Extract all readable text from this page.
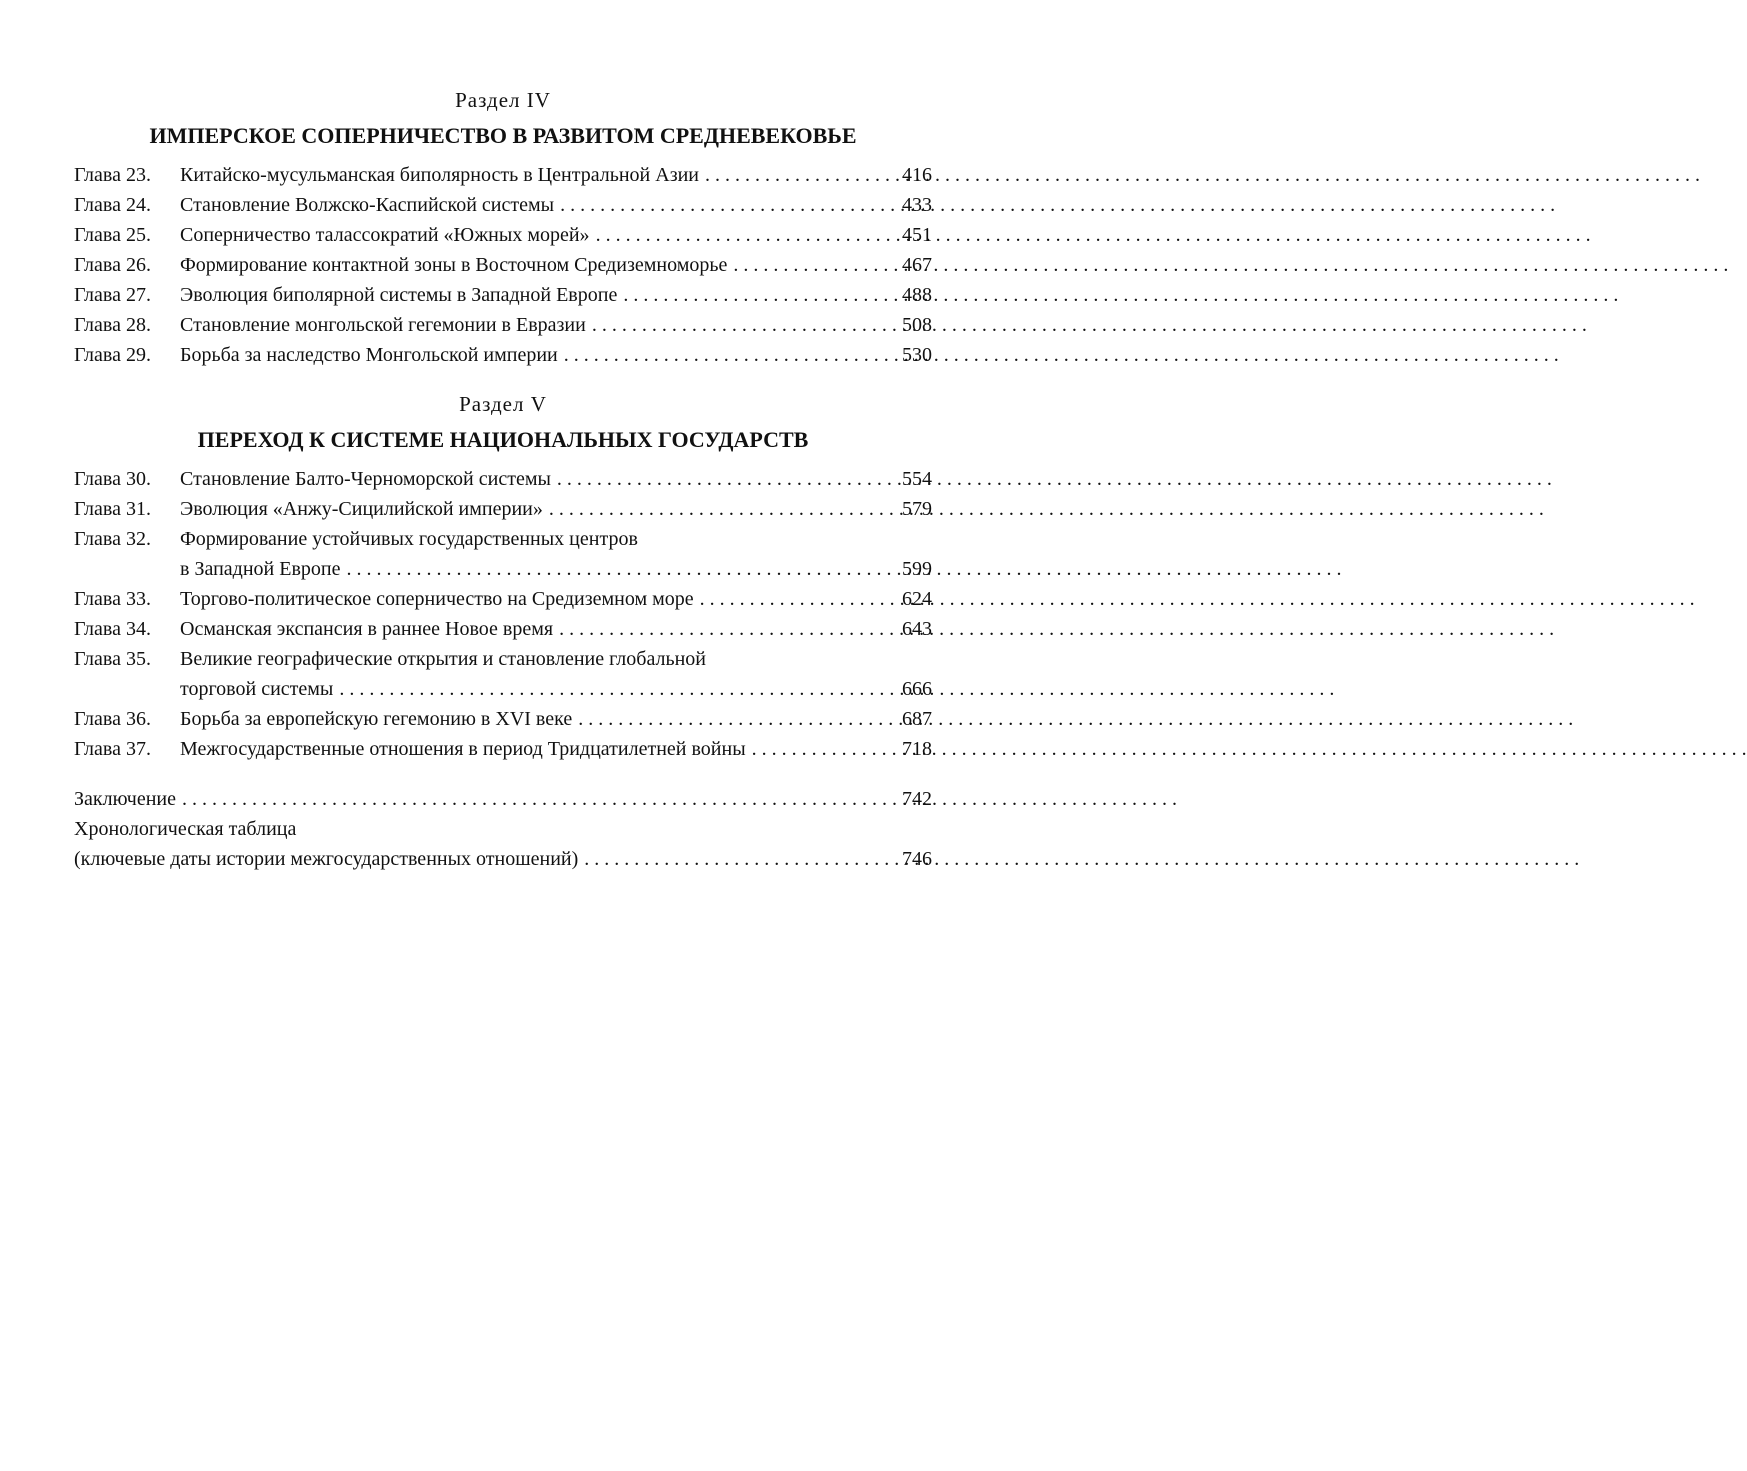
Раздел IV
ИМПЕРСКОЕ СОПЕРНИЧЕСТВО В РАЗВИТОМ СРЕДНЕВЕКОВЬЕ
Глава 23.	Китайско-мусульманская биполярность в Центральной Азии . . .	416
Глава 24.	Становление Волжско-Каспийской системы . . .	433
Глава 25.	Соперничество талассократий «Южных морей» . . .	451
Глава 26.	Формирование контактной зоны в Восточном Средиземноморье . . .	467
Глава 27.	Эволюция биполярной системы в Западной Европе . . .	488
Глава 28.	Становление монгольской гегемонии в Евразии . . .	508
Глава 29.	Борьба за наследство Монгольской империи . . .	530
Раздел V
ПЕРЕХОД К СИСТЕМЕ НАЦИОНАЛЬНЫХ ГОСУДАРСТВ
Глава 30.	Становление Балто-Черноморской системы . . .	554
Глава 31.	Эволюция «Анжу-Сицилийской империи» . . .	579
Глава 32.	Формирование устойчивых государственных центров
в Западной Европе . . .	599
Глава 33.	Торгово-политическое соперничество на Средиземном море . . .	624
Глава 34.	Османская экспансия в раннее Новое время . . .	643
Глава 35.	Великие географические открытия и становление глобальной
торговой системы . . .	666
Глава 36.	Борьба за европейскую гегемонию в XVI веке . . .	687
Глава 37.	Межгосударственные отношения в период Тридцатилетней войны . . .	718
Заключение . . .	742
Хронологическая таблица
(ключевые даты истории межгосударственных отношений) . . .	746
